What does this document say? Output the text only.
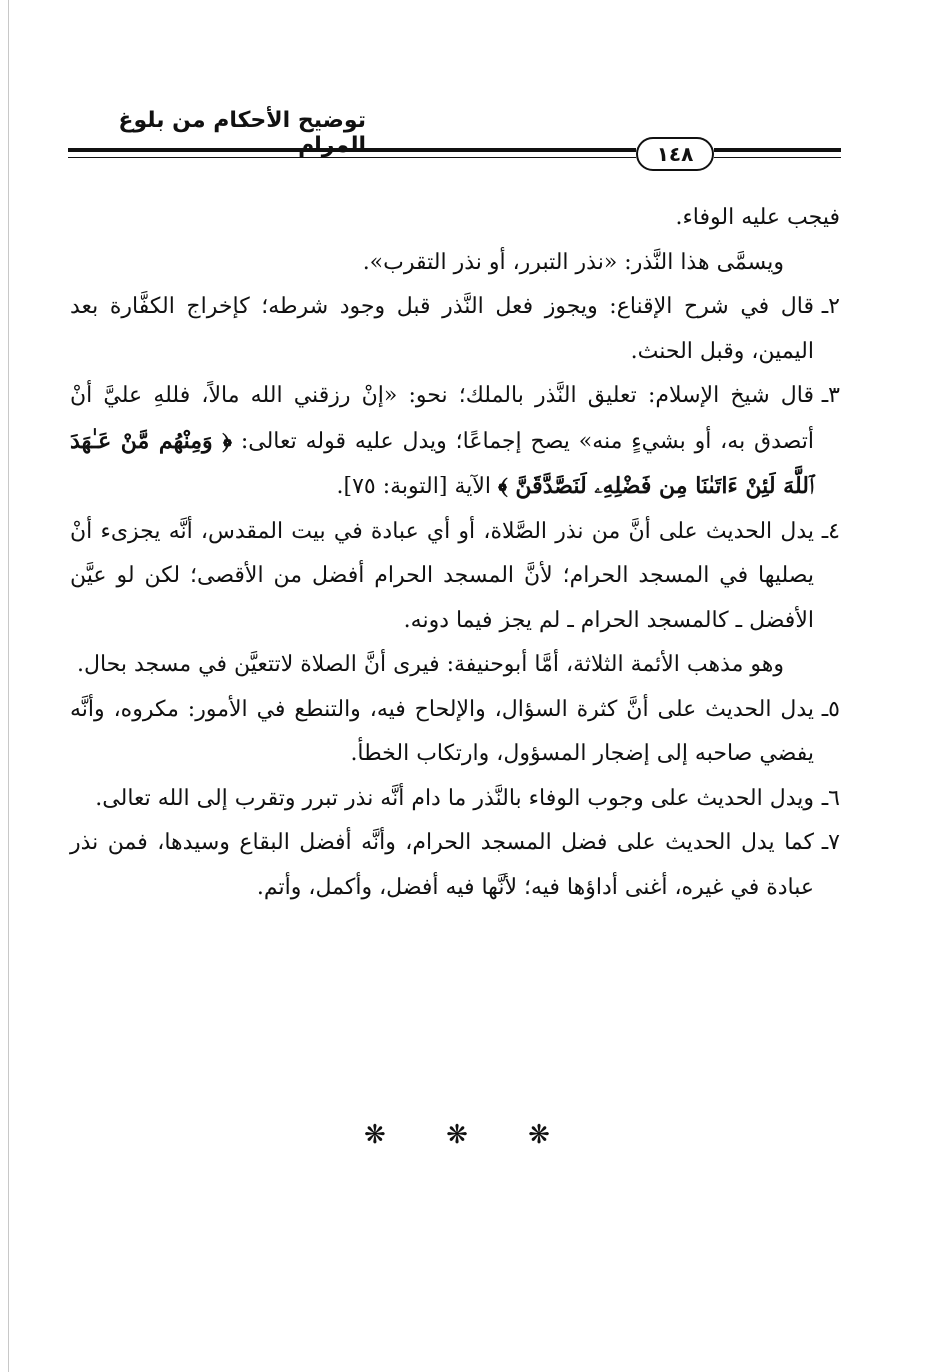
توضيح الأحكام من بلوغ المرام	١٤٨

فيجب عليه الوفاء.

ويسمَّى هذا النَّذر: «نذر التبرر، أو نذر التقرب».

٢ـ
قال في شرح الإقناع: ويجوز فعل النَّذر قبل وجود شرطه؛ كإخراج الكفَّارة بعد اليمين، وقبل الحنث.
٣ـ
قال شيخ الإسلام: تعليق النَّذر بالملك؛ نحو: «إنْ رزقني الله مالاً، فللهِ عليَّ أنْ أتصدق به، أو بشيءٍ منه» يصح إجماعًا؛ ويدل عليه قوله تعالى: ﴿ وَمِنْهُم مَّنْ عَـٰهَدَ ٱللَّهَ لَئِنْ ءَاتَىٰنَا مِن فَضْلِهِۦ لَنَصَّدَّقَنَّ ﴾ الآية [التوبة: ٧٥].
٤ـ
يدل الحديث على أنَّ من نذر الصَّلاة، أو أي عبادة في بيت المقدس، أنَّه يجزىء أنْ يصليها في المسجد الحرام؛ لأنَّ المسجد الحرام أفضل من الأقصى؛ لكن لو عيَّن الأفضل ـ كالمسجد الحرام ـ لم يجز فيما دونه.

وهو مذهب الأئمة الثلاثة، أمَّا أبوحنيفة: فيرى أنَّ الصلاة لاتتعيَّن في مسجد بحال.

٥ـ
يدل الحديث على أنَّ كثرة السؤال، والإلحاح فيه، والتنطع في الأمور: مكروه، وأنَّه يفضي صاحبه إلى إضجار المسؤول، وارتكاب الخطأ.
٦ـ
ويدل الحديث على وجوب الوفاء بالنَّذر ما دام أنَّه نذر تبرر وتقرب إلى الله تعالى.
٧ـ
كما يدل الحديث على فضل المسجد الحرام، وأنَّه أفضل البقاع وسيدها، فمن نذر عبادة في غيره، أغنى أداؤها فيه؛ لأنَّها فيه أفضل، وأكمل، وأتم.
❋ ❋ ❋
